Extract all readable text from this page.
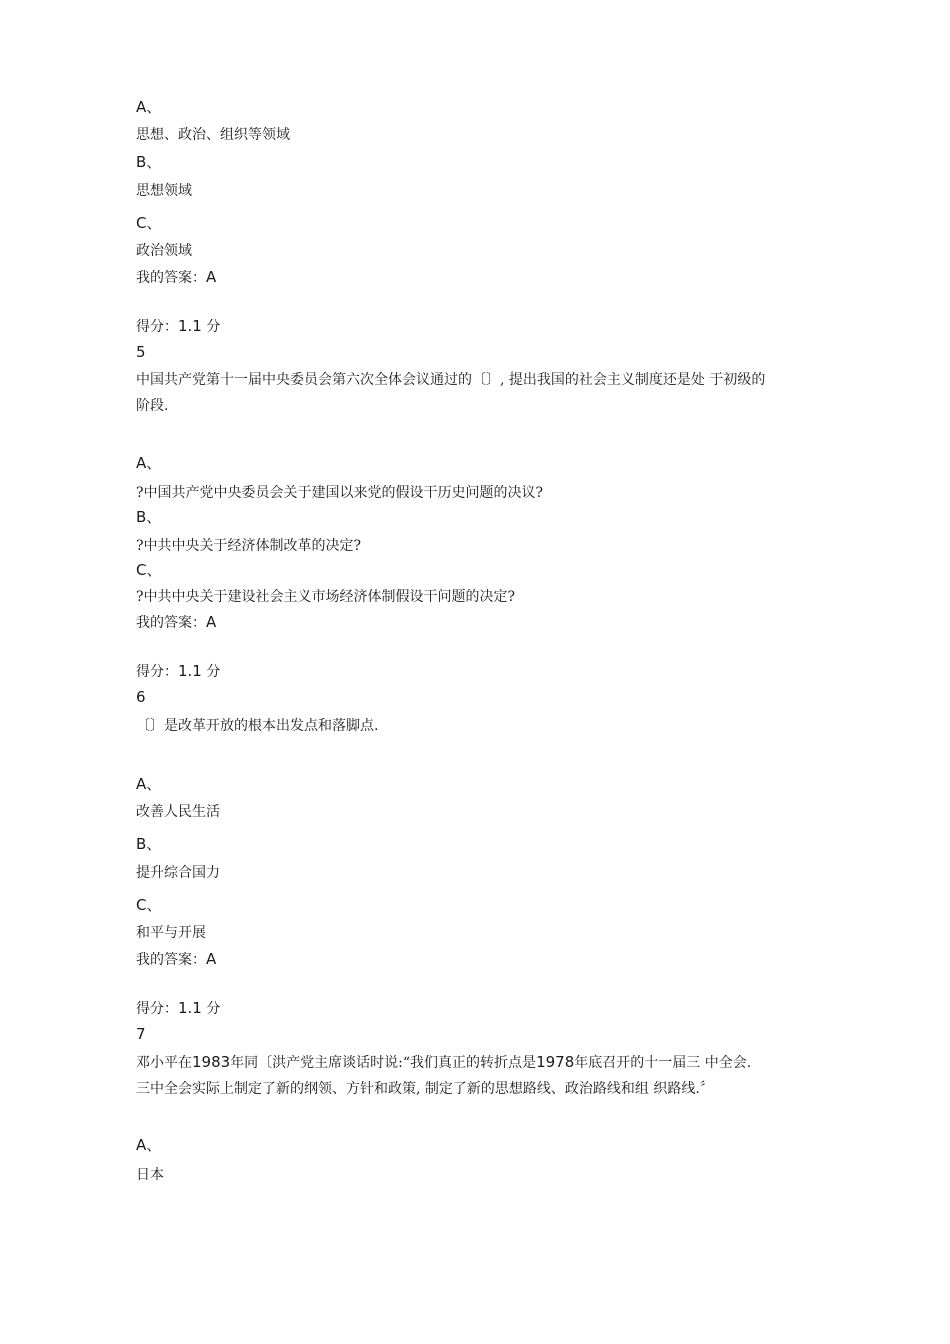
A、
思想、政治、组织等领域
B、
思想领域
C、
政治领域
我的答案：A
得分：1.1 分
5
中国共产党第十一届中央委员会第六次全体会议通过的〔〕, 提出我国的社会主义制度还是处 于初级的
阶段.
A、
?中国共产党中央委员会关于建国以来党的假设干历史问题的决议?
B、
?中共中央关于经济体制改革的决定?
C、
?中共中央关于建设社会主义市场经济体制假设干问题的决定?
我的答案：A
得分：1.1 分
6
〔〕是改革开放的根本出发点和落脚点.
A、
改善人民生活
B、
提升综合国力
C、
和平与开展
我的答案：A
得分：1.1 分
7
邓小平在1983年同〔洪产党主席谈话时说:“我们真正的转折点是1978年底召开的十一届三 中全会.
三中全会实际上制定了新的纲领、方针和政策, 制定了新的思想路线、政治路线和组 织路线.〞
A、
日本
